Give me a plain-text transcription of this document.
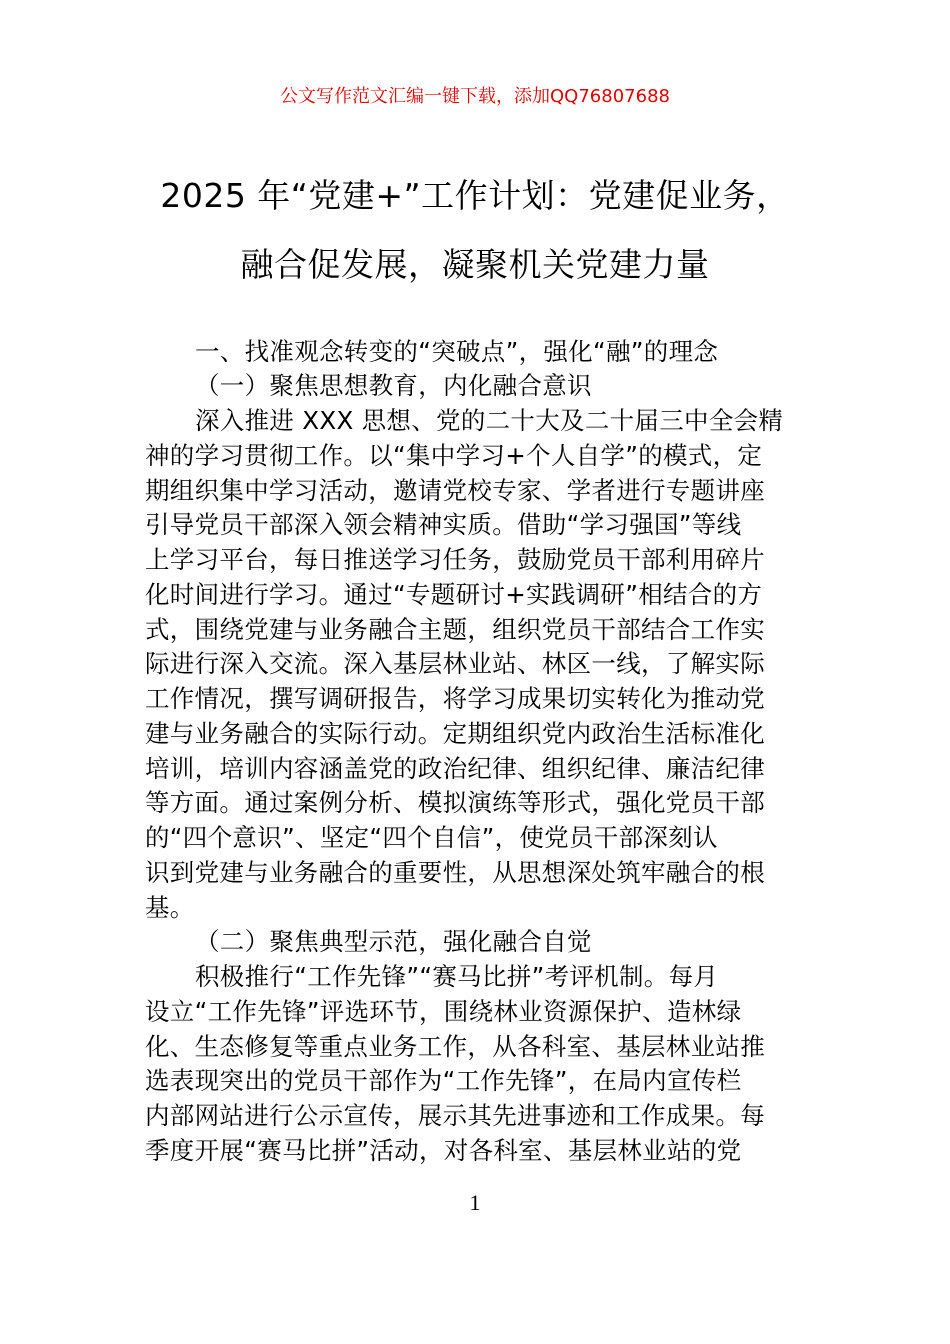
公文写作范文汇编一键下载，添加QQ76807688
2025 年“党建+”工作计划：党建促业务，
融合促发展，凝聚机关党建力量
一、找准观念转变的“突破点”，强化“融”的理念
（一）聚焦思想教育，内化融合意识
深入推进 XXX 思想、党的二十大及二十届三中全会精
神的学习贯彻工作。以“集中学习+个人自学”的模式，定
期组织集中学习活动，邀请党校专家、学者进行专题讲座
引导党员干部深入领会精神实质。借助“学习强国”等线
上学习平台，每日推送学习任务，鼓励党员干部利用碎片
化时间进行学习。通过“专题研讨+实践调研”相结合的方
式，围绕党建与业务融合主题，组织党员干部结合工作实
际进行深入交流。深入基层林业站、林区一线，了解实际
工作情况，撰写调研报告，将学习成果切实转化为推动党
建与业务融合的实际行动。定期组织党内政治生活标准化
培训，培训内容涵盖党的政治纪律、组织纪律、廉洁纪律
等方面。通过案例分析、模拟演练等形式，强化党员干部
的“四个意识”、坚定“四个自信”，使党员干部深刻认
识到党建与业务融合的重要性，从思想深处筑牢融合的根
基。
（二）聚焦典型示范，强化融合自觉
积极推行“工作先锋”“赛马比拼”考评机制。每月
设立“工作先锋”评选环节，围绕林业资源保护、造林绿
化、生态修复等重点业务工作，从各科室、基层林业站推
选表现突出的党员干部作为“工作先锋”，在局内宣传栏
内部网站进行公示宣传，展示其先进事迹和工作成果。每
季度开展“赛马比拼”活动，对各科室、基层林业站的党
1
